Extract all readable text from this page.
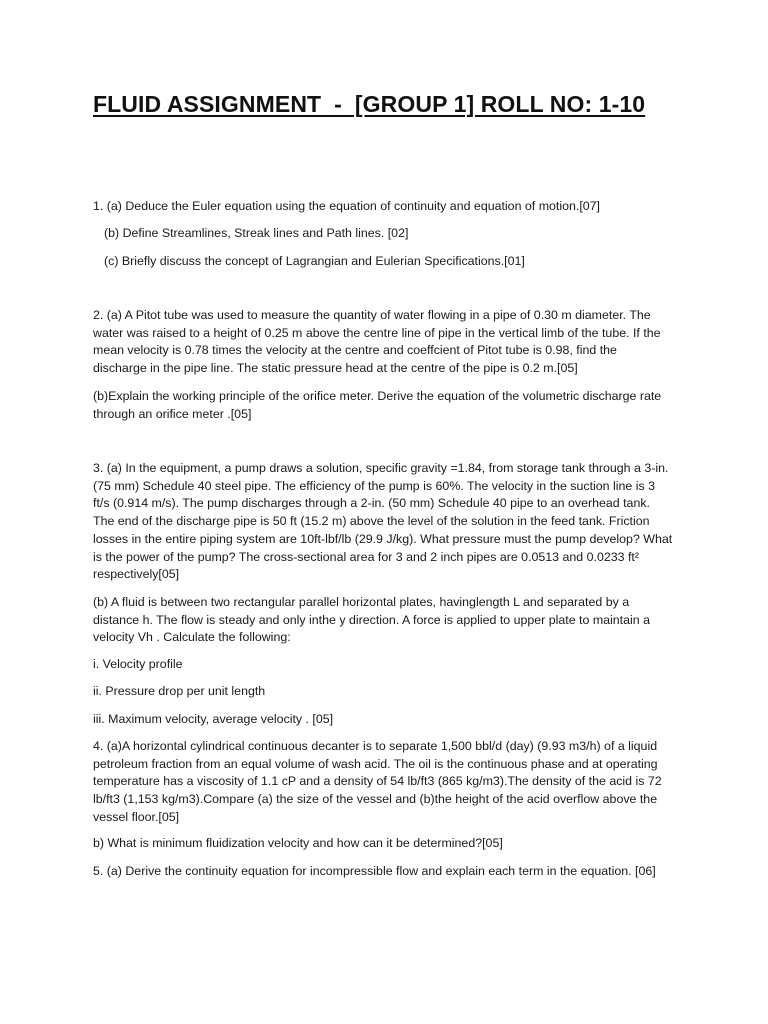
FLUID ASSIGNMENT  -  [GROUP 1] ROLL NO: 1-10

1. (a) Deduce the Euler equation using the equation of continuity and equation of motion.[07]

(b) Define Streamlines, Streak lines and Path lines. [02]

(c) Briefly discuss the concept of Lagrangian and Eulerian Specifications.[01]

2. (a) A Pitot tube was used to measure the quantity of water flowing in a pipe of 0.30 m diameter. The water was raised to a height of 0.25 m above the centre line of pipe in the vertical limb of the tube. If the mean velocity is 0.78 times the velocity at the centre and coeffcient of Pitot tube is 0.98, find the discharge in the pipe line. The static pressure head at the centre of the pipe is 0.2 m.[05]

(b)Explain the working principle of the orifice meter. Derive the equation of the volumetric discharge rate through an orifice meter .[05]

3. (a) In the equipment, a pump draws a solution, specific gravity =1.84, from storage tank through a 3-in. (75 mm) Schedule 40 steel pipe. The efficiency of the pump is 60%. The velocity in the suction line is 3 ft/s (0.914 m/s). The pump discharges through a 2-in. (50 mm) Schedule 40 pipe to an overhead tank. The end of the discharge pipe is 50 ft (15.2 m) above the level of the solution in the feed tank. Friction losses in the entire piping system are 10ft-lbf/lb (29.9 J/kg). What pressure must the pump develop? What is the power of the pump? The cross-sectional area for 3 and 2 inch pipes are 0.0513 and 0.0233 ft² respectively[05]

(b) A fluid is between two rectangular parallel horizontal plates, havinglength L and separated by a distance h. The flow is steady and only inthe y direction. A force is applied to upper plate to maintain a velocity Vh . Calculate the following:

i. Velocity profile

ii. Pressure drop per unit length

iii. Maximum velocity, average velocity . [05]

4. (a)A horizontal cylindrical continuous decanter is to separate 1,500 bbl/d (day) (9.93 m3/h) of a liquid petroleum fraction from an equal volume of wash acid. The oil is the continuous phase and at operating temperature has a viscosity of 1.1 cP and a density of 54 lb/ft3 (865 kg/m3).The density of the acid is 72 lb/ft3 (1,153 kg/m3).Compare (a) the size of the vessel and (b)the height of the acid overflow above the vessel floor.[05]

b) What is minimum fluidization velocity and how can it be determined?[05]

5. (a) Derive the continuity equation for incompressible flow and explain each term in the equation. [06]
